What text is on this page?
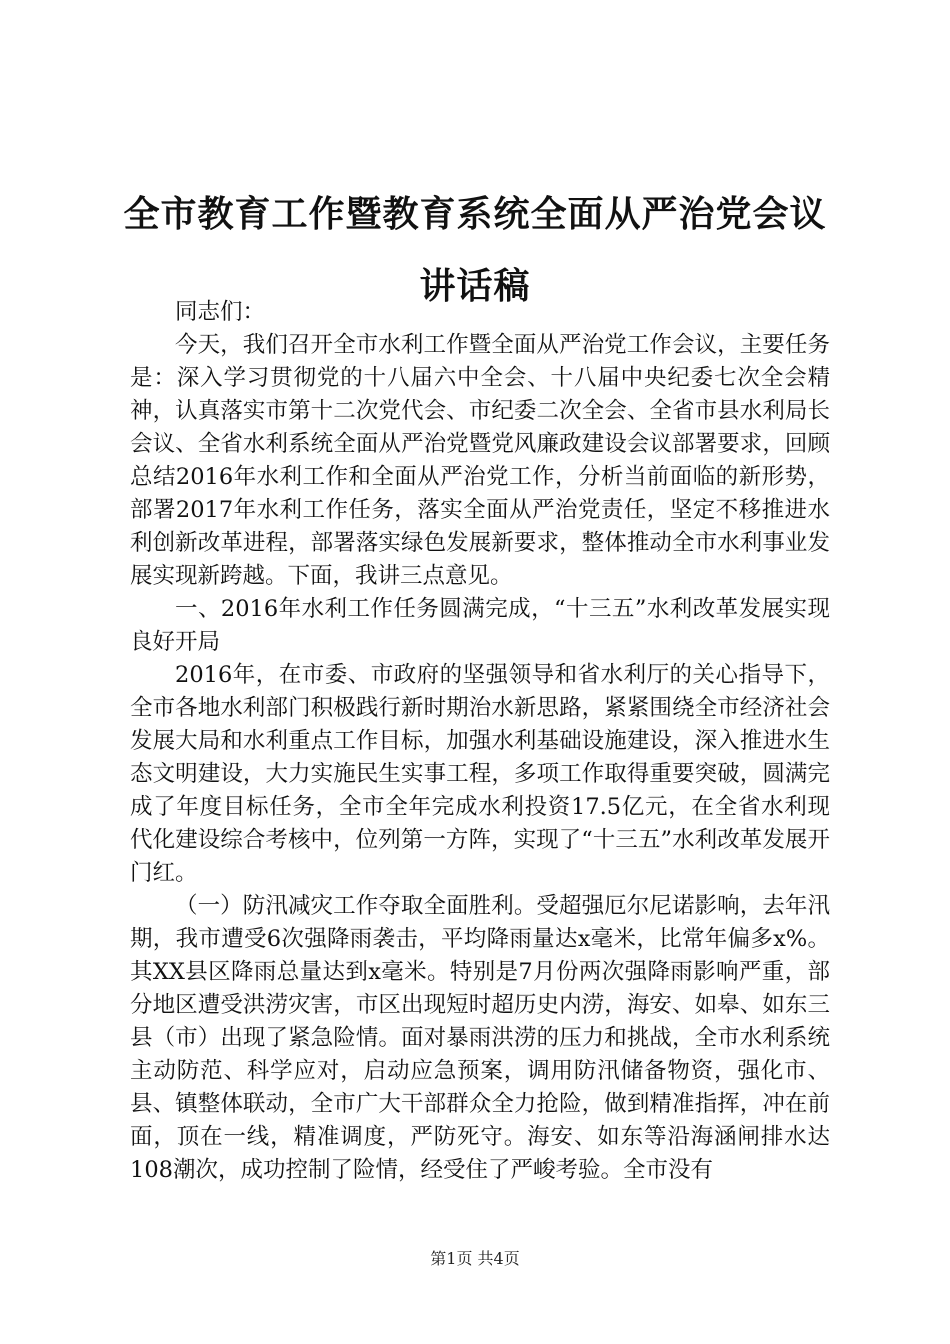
全市教育工作暨教育系统全面从严治党会议讲话稿

同志们：

今天，我们召开全市水利工作暨全面从严治党工作会议，主要任务是：深入学习贯彻党的十八届六中全会、十八届中央纪委七次全会精神，认真落实市第十二次党代会、市纪委二次全会、全省市县水利局长会议、全省水利系统全面从严治党暨党风廉政建设会议部署要求，回顾总结2016年水利工作和全面从严治党工作，分析当前面临的新形势，部署2017年水利工作任务，落实全面从严治党责任，坚定不移推进水利创新改革进程，部署落实绿色发展新要求，整体推动全市水利事业发展实现新跨越。下面，我讲三点意见。

一、2016年水利工作任务圆满完成，“十三五”水利改革发展实现良好开局

2016年，在市委、市政府的坚强领导和省水利厅的关心指导下，全市各地水利部门积极践行新时期治水新思路，紧紧围绕全市经济社会发展大局和水利重点工作目标，加强水利基础设施建设，深入推进水生态文明建设，大力实施民生实事工程，多项工作取得重要突破，圆满完成了年度目标任务，全市全年完成水利投资17.5亿元，在全省水利现代化建设综合考核中，位列第一方阵，实现了“十三五”水利改革发展开门红。

（一）防汛减灾工作夺取全面胜利。受超强厄尔尼诺影响，去年汛期，我市遭受6次强降雨袭击，平均降雨量达x毫米，比常年偏多x%。其XX县区降雨总量达到x毫米。特别是7月份两次强降雨影响严重，部分地区遭受洪涝灾害，市区出现短时超历史内涝，海安、如皋、如东三县（市）出现了紧急险情。面对暴雨洪涝的压力和挑战，全市水利系统主动防范、科学应对，启动应急预案，调用防汛储备物资，强化市、县、镇整体联动，全市广大干部群众全力抢险，做到精准指挥，冲在前面，顶在一线，精准调度，严防死守。海安、如东等沿海涵闸排水达108潮次，成功控制了险情，经受住了严峻考验。全市没有

第1页 共4页
